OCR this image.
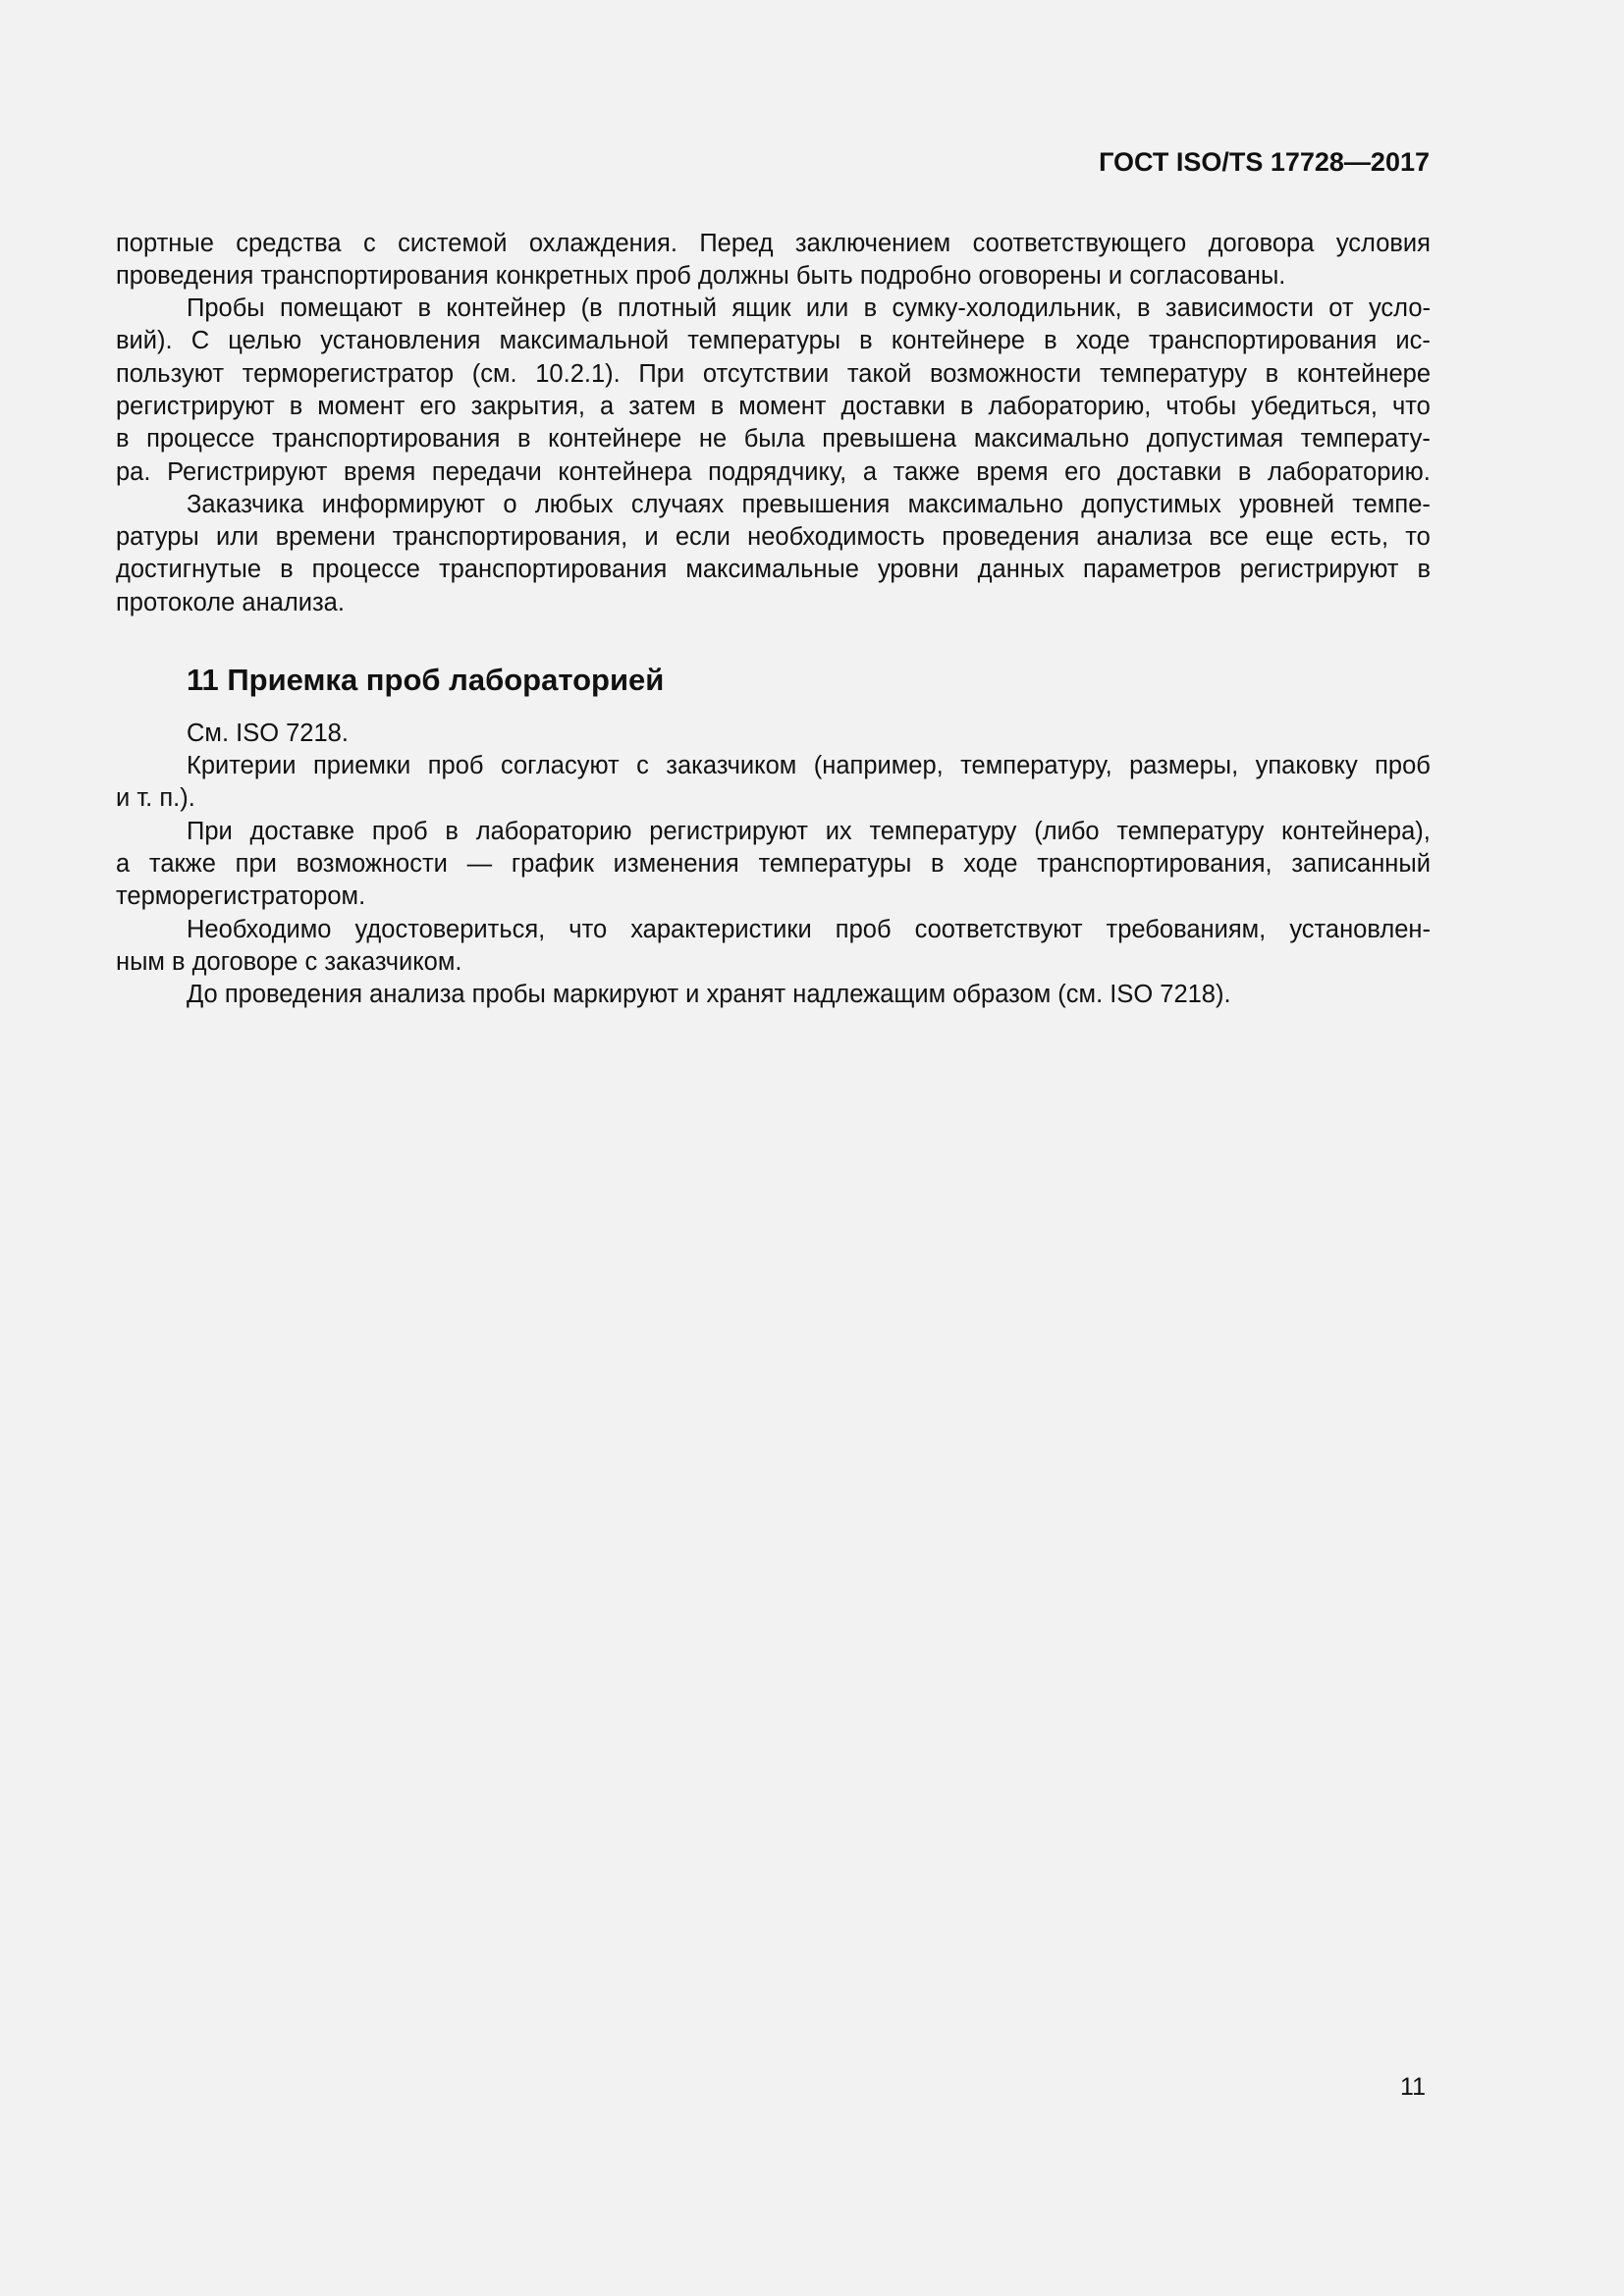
ГОСТ ISO/TS 17728—2017
портные средства с системой охлаждения. Перед заключением соответствующего договора условия
проведения транспортирования конкретных проб должны быть подробно оговорены и согласованы.
Пробы помещают в контейнер (в плотный ящик или в сумку-холодильник, в зависимости от усло-
вий). С целью установления максимальной температуры в контейнере в ходе транспортирования ис-
пользуют терморегистратор (см. 10.2.1). При отсутствии такой возможности температуру в контейнере
регистрируют в момент его закрытия, а затем в момент доставки в лабораторию, чтобы убедиться, что
в процессе транспортирования в контейнере не была превышена максимально допустимая температу-
ра. Регистрируют время передачи контейнера подрядчику, а также время его доставки в лабораторию.
Заказчика информируют о любых случаях превышения максимально допустимых уровней темпе-
ратуры или времени транспортирования, и если необходимость проведения анализа все еще есть, то
достигнутые в процессе транспортирования максимальные уровни данных параметров регистрируют в
протоколе анализа.
11 Приемка проб лабораторией
См. ISO 7218.
Критерии приемки проб согласуют с заказчиком (например, температуру, размеры, упаковку проб
и т. п.).
При доставке проб в лабораторию регистрируют их температуру (либо температуру контейнера),
а также при возможности — график изменения температуры в ходе транспортирования, записанный
терморегистратором.
Необходимо удостовериться, что характеристики проб соответствуют требованиям, установлен-
ным в договоре с заказчиком.
До проведения анализа пробы маркируют и хранят надлежащим образом (см. ISO 7218).
11
